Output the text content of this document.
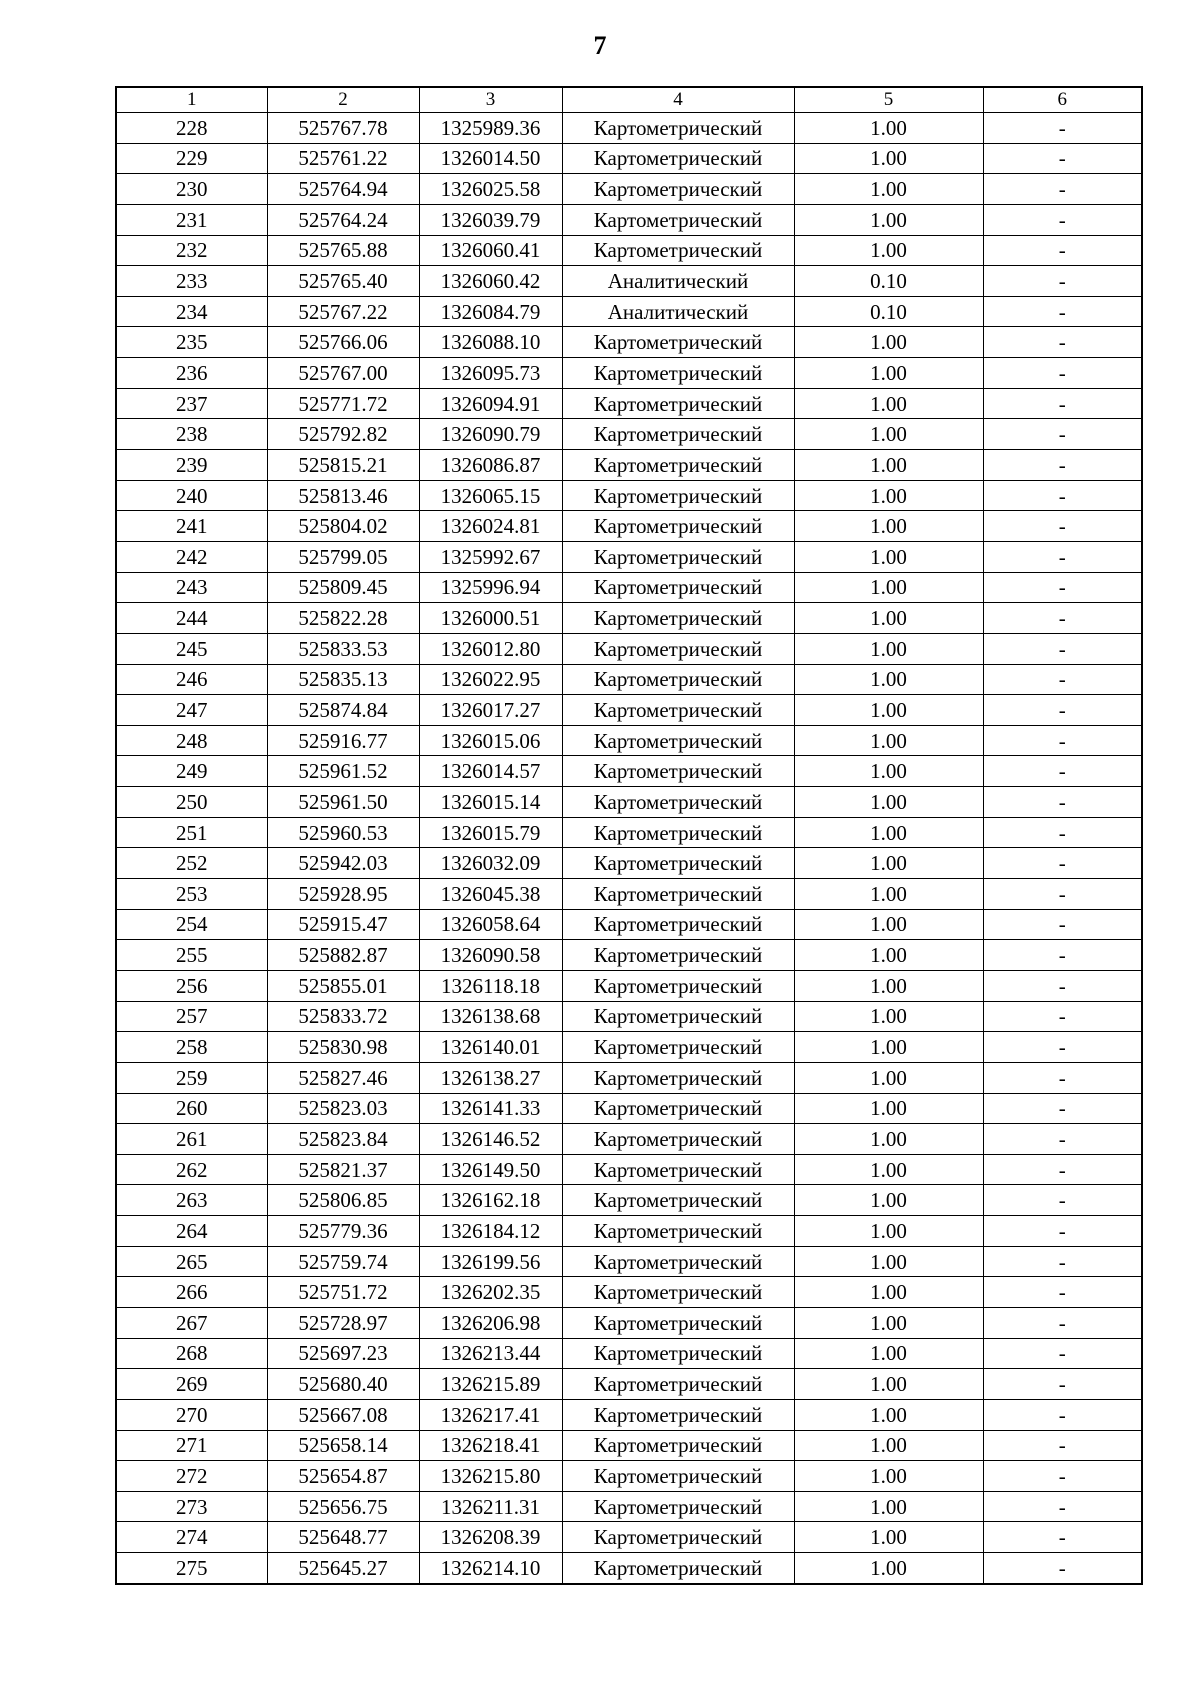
7
1	2	3	4	5	6
228	525767.78	1325989.36	Картометрический	1.00	-
229	525761.22	1326014.50	Картометрический	1.00	-
230	525764.94	1326025.58	Картометрический	1.00	-
231	525764.24	1326039.79	Картометрический	1.00	-
232	525765.88	1326060.41	Картометрический	1.00	-
233	525765.40	1326060.42	Аналитический	0.10	-
234	525767.22	1326084.79	Аналитический	0.10	-
235	525766.06	1326088.10	Картометрический	1.00	-
236	525767.00	1326095.73	Картометрический	1.00	-
237	525771.72	1326094.91	Картометрический	1.00	-
238	525792.82	1326090.79	Картометрический	1.00	-
239	525815.21	1326086.87	Картометрический	1.00	-
240	525813.46	1326065.15	Картометрический	1.00	-
241	525804.02	1326024.81	Картометрический	1.00	-
242	525799.05	1325992.67	Картометрический	1.00	-
243	525809.45	1325996.94	Картометрический	1.00	-
244	525822.28	1326000.51	Картометрический	1.00	-
245	525833.53	1326012.80	Картометрический	1.00	-
246	525835.13	1326022.95	Картометрический	1.00	-
247	525874.84	1326017.27	Картометрический	1.00	-
248	525916.77	1326015.06	Картометрический	1.00	-
249	525961.52	1326014.57	Картометрический	1.00	-
250	525961.50	1326015.14	Картометрический	1.00	-
251	525960.53	1326015.79	Картометрический	1.00	-
252	525942.03	1326032.09	Картометрический	1.00	-
253	525928.95	1326045.38	Картометрический	1.00	-
254	525915.47	1326058.64	Картометрический	1.00	-
255	525882.87	1326090.58	Картометрический	1.00	-
256	525855.01	1326118.18	Картометрический	1.00	-
257	525833.72	1326138.68	Картометрический	1.00	-
258	525830.98	1326140.01	Картометрический	1.00	-
259	525827.46	1326138.27	Картометрический	1.00	-
260	525823.03	1326141.33	Картометрический	1.00	-
261	525823.84	1326146.52	Картометрический	1.00	-
262	525821.37	1326149.50	Картометрический	1.00	-
263	525806.85	1326162.18	Картометрический	1.00	-
264	525779.36	1326184.12	Картометрический	1.00	-
265	525759.74	1326199.56	Картометрический	1.00	-
266	525751.72	1326202.35	Картометрический	1.00	-
267	525728.97	1326206.98	Картометрический	1.00	-
268	525697.23	1326213.44	Картометрический	1.00	-
269	525680.40	1326215.89	Картометрический	1.00	-
270	525667.08	1326217.41	Картометрический	1.00	-
271	525658.14	1326218.41	Картометрический	1.00	-
272	525654.87	1326215.80	Картометрический	1.00	-
273	525656.75	1326211.31	Картометрический	1.00	-
274	525648.77	1326208.39	Картометрический	1.00	-
275	525645.27	1326214.10	Картометрический	1.00	-
